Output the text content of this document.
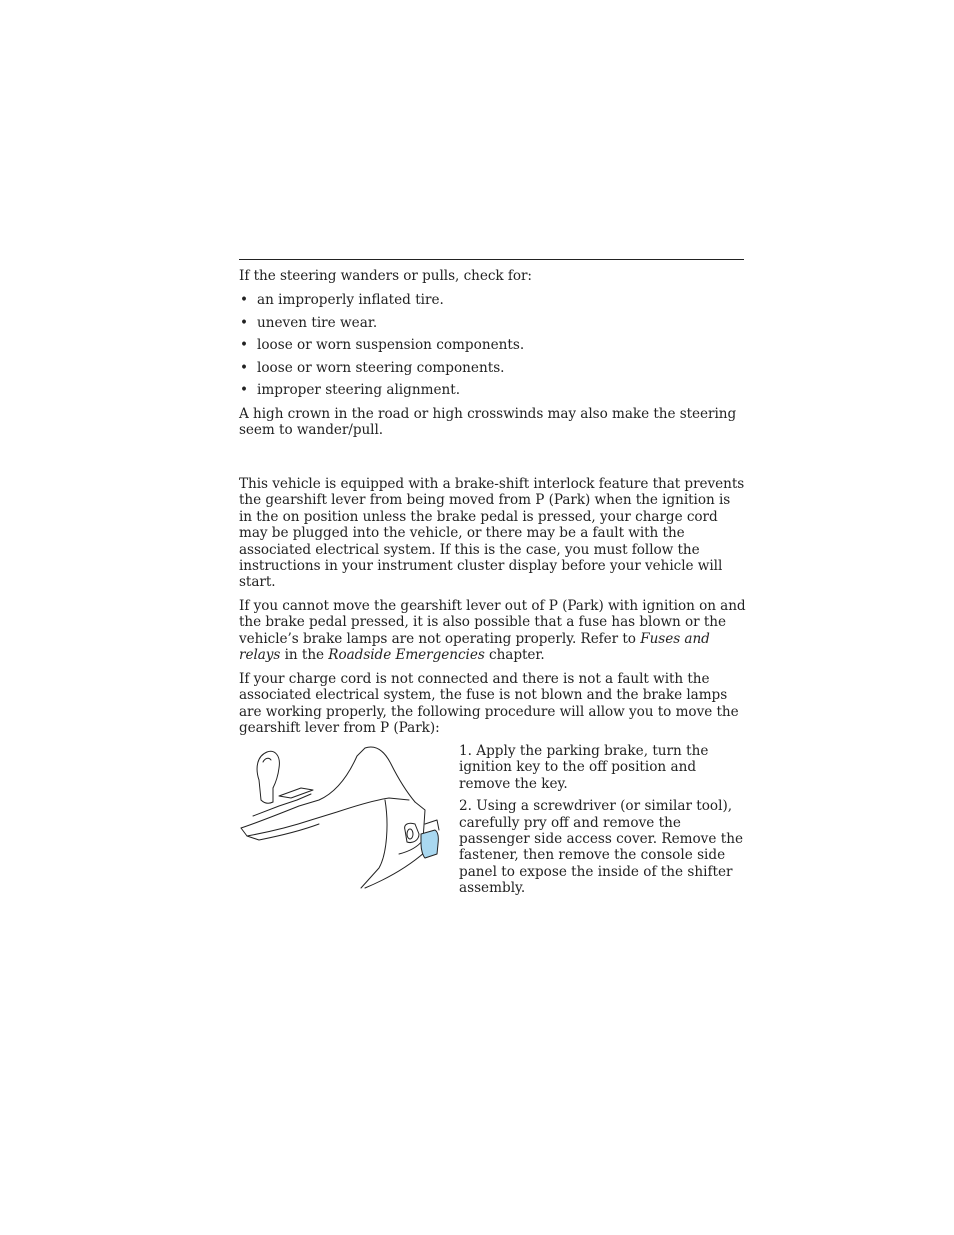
If the steering wanders or pulls, check for:

• an improperly inflated tire.
• uneven tire wear.
• loose or worn suspension components.
• loose or worn steering components.
• improper steering alignment.

A high crown in the road or high crosswinds may also make the steering seem to wander/pull.

This vehicle is equipped with a brake-shift interlock feature that prevents the gearshift lever from being moved from P (Park) when the ignition is in the on position unless the brake pedal is pressed, your charge cord may be plugged into the vehicle, or there may be a fault with the associated electrical system. If this is the case, you must follow the instructions in your instrument cluster display before your vehicle will start.

If you cannot move the gearshift lever out of P (Park) with ignition on and the brake pedal pressed, it is also possible that a fuse has blown or the vehicle’s brake lamps are not operating properly. Refer to Fuses and relays in the Roadside Emergencies chapter.

If your charge cord is not connected and there is not a fault with the associated electrical system, the fuse is not blown and the brake lamps are working properly, the following procedure will allow you to move the gearshift lever from P (Park):

1. Apply the parking brake, turn the ignition key to the off position and remove the key.

2. Using a screwdriver (or similar tool), carefully pry off and remove the passenger side access cover. Remove the fastener, then remove the console side panel to expose the inside of the shifter assembly.
